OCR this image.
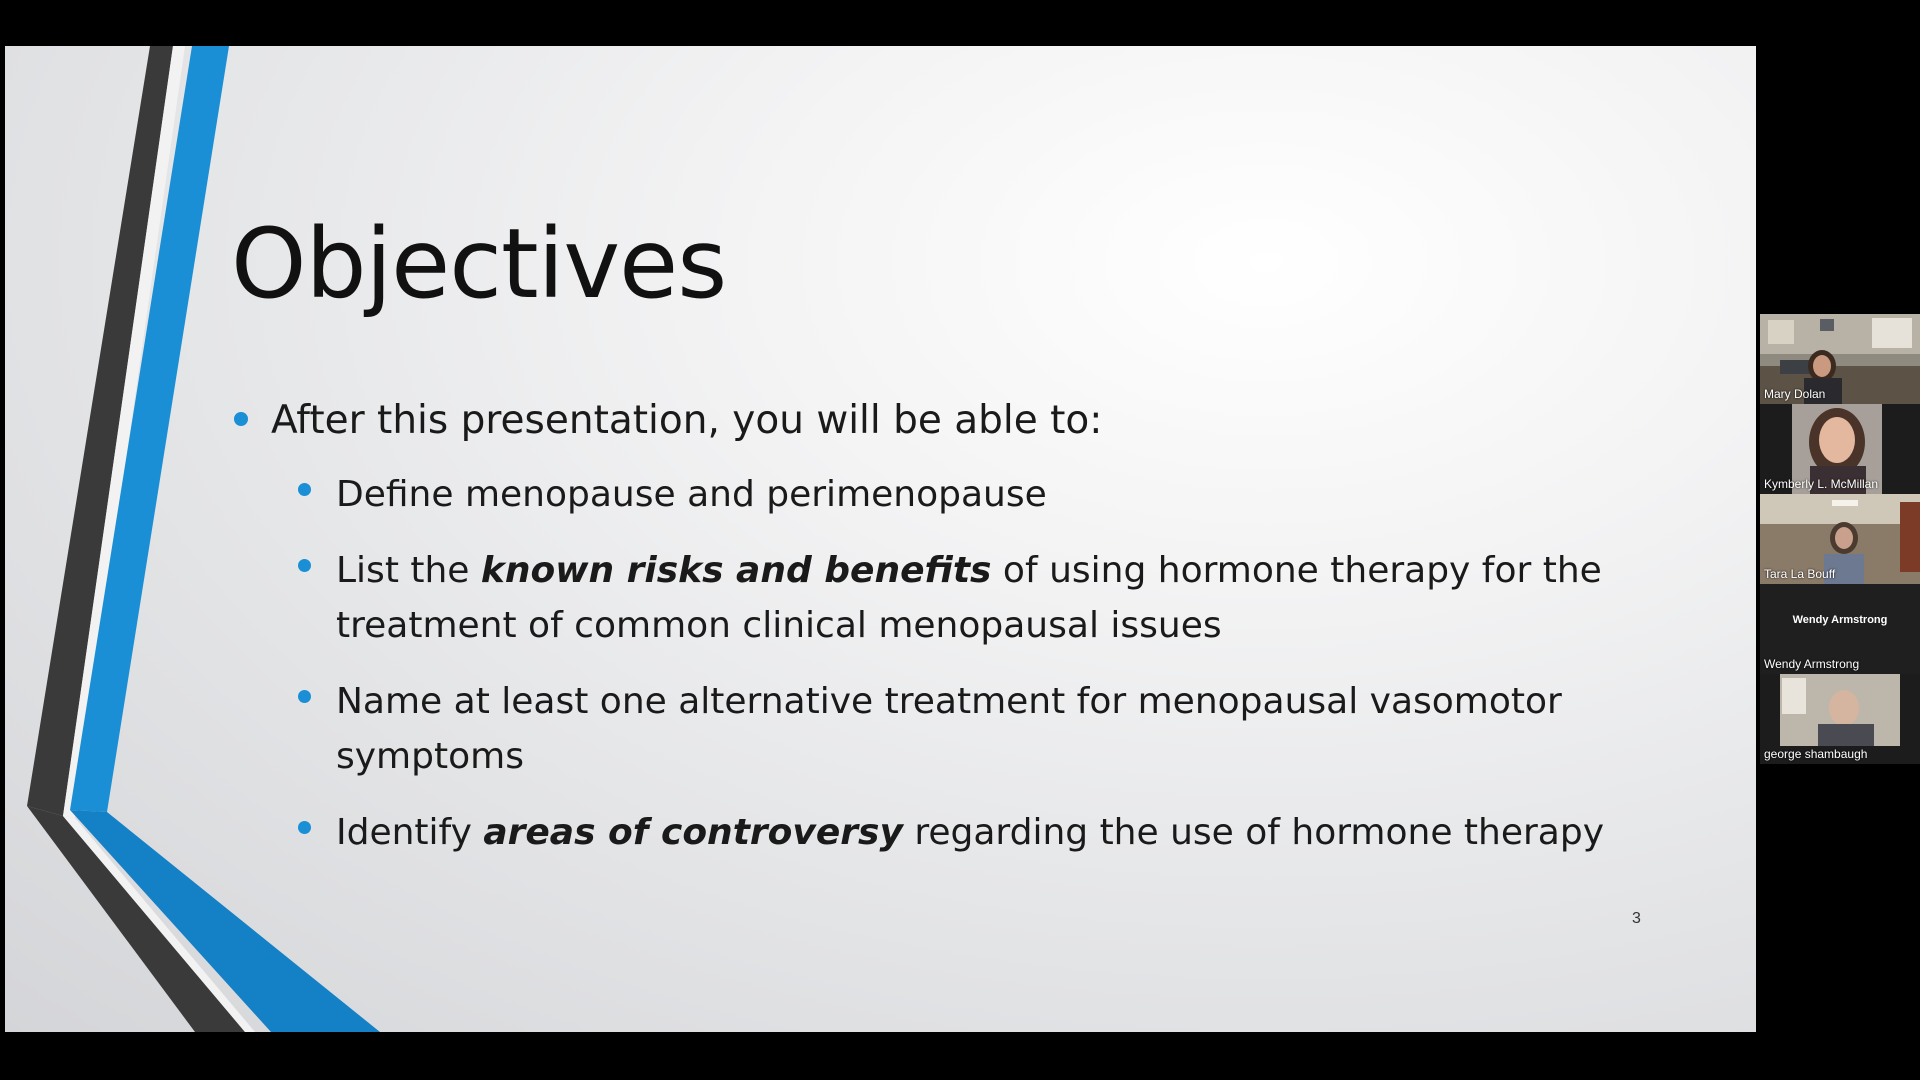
Objectives
After this presentation, you will be able to:
Define menopause and perimenopause
List the known risks and benefits of using hormone therapy for the treatment of common clinical menopausal issues
Name at least one alternative treatment for menopausal vasomotor symptoms
Identify areas of controversy regarding the use of hormone therapy
3
Mary Dolan
Kymberly L. McMillan
Tara La Bouff
Wendy Armstrong
Wendy Armstrong
george shambaugh
